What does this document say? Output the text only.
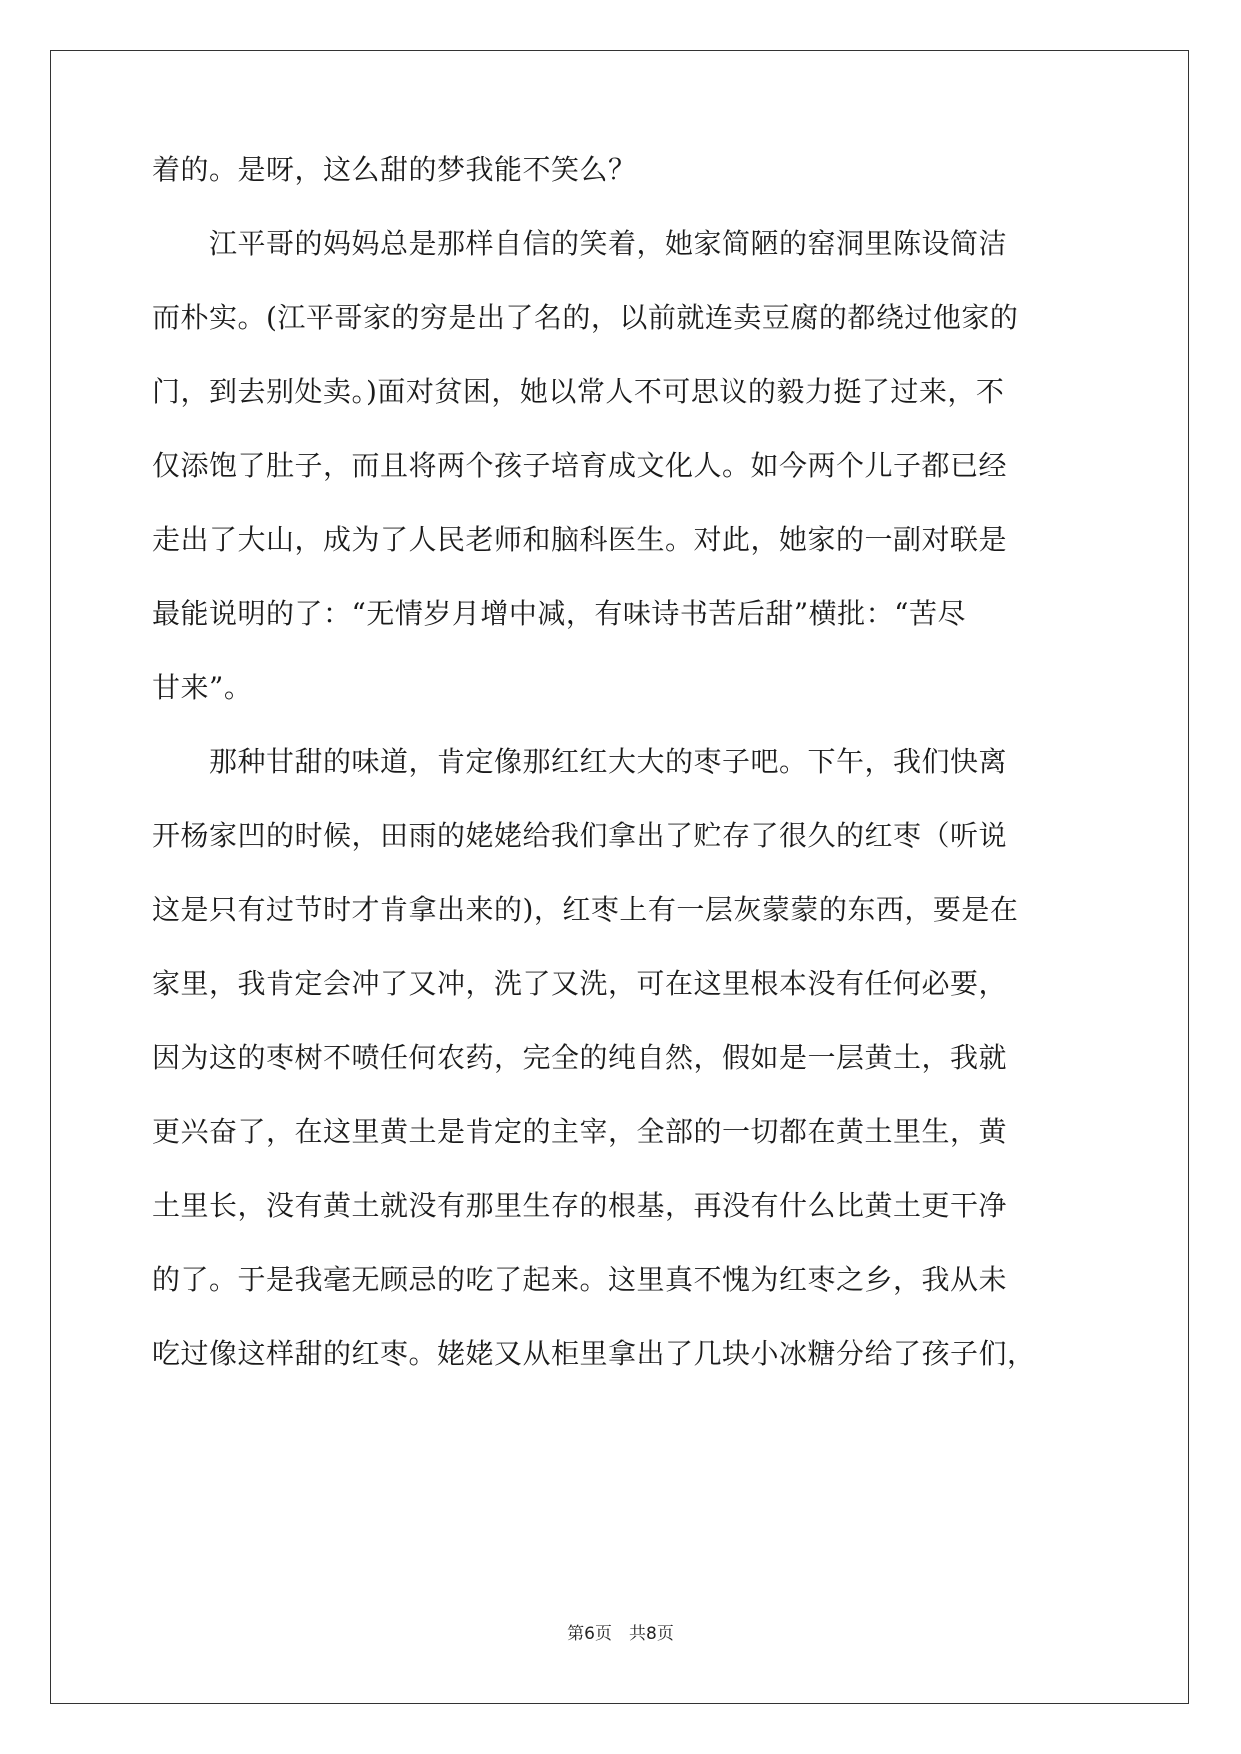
着的。是呀，这么甜的梦我能不笑么？
　　江平哥的妈妈总是那样自信的笑着，她家简陋的窑洞里陈设简洁
而朴实。(江平哥家的穷是出了名的，以前就连卖豆腐的都绕过他家的
门，到去别处卖。)面对贫困，她以常人不可思议的毅力挺了过来，不
仅添饱了肚子，而且将两个孩子培育成文化人。如今两个儿子都已经
走出了大山，成为了人民老师和脑科医生。对此，她家的一副对联是
最能说明的了：“无情岁月增中减，有味诗书苦后甜”横批：“苦尽
甘来”。
　　那种甘甜的味道，肯定像那红红大大的枣子吧。下午，我们快离
开杨家凹的时候，田雨的姥姥给我们拿出了贮存了很久的红枣（听说
这是只有过节时才肯拿出来的)，红枣上有一层灰蒙蒙的东西，要是在
家里，我肯定会冲了又冲，洗了又洗，可在这里根本没有任何必要，
因为这的枣树不喷任何农药，完全的纯自然，假如是一层黄土，我就
更兴奋了，在这里黄土是肯定的主宰，全部的一切都在黄土里生，黄
土里长，没有黄土就没有那里生存的根基，再没有什么比黄土更干净
的了。于是我毫无顾忌的吃了起来。这里真不愧为红枣之乡，我从未
吃过像这样甜的红枣。姥姥又从柜里拿出了几块小冰糖分给了孩子们，
第6页　共8页
